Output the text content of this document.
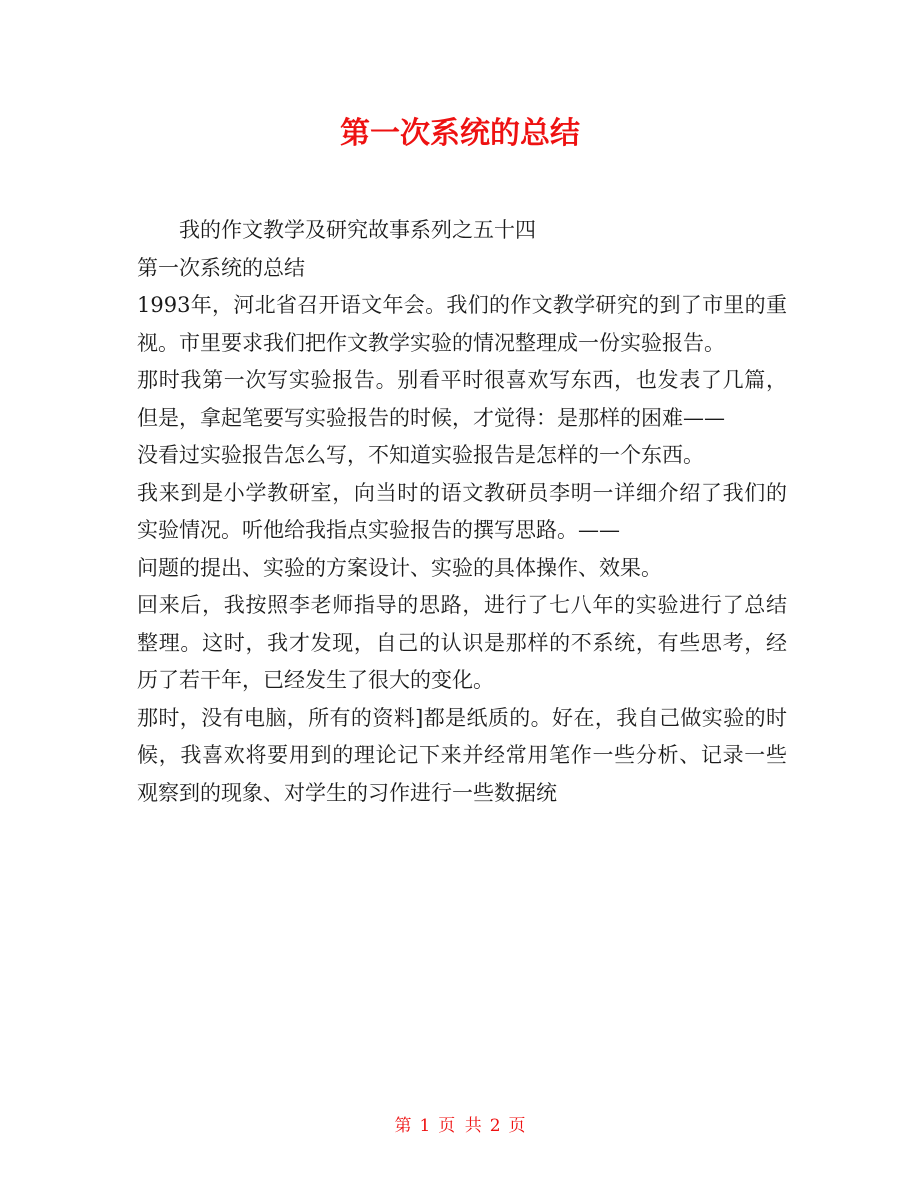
第一次系统的总结

我的作文教学及研究故事系列之五十四

第一次系统的总结

1993年，河北省召开语文年会。我们的作文教学研究的到了市里的重视。市里要求我们把作文教学实验的情况整理成一份实验报告。

那时我第一次写实验报告。别看平时很喜欢写东西，也发表了几篇，但是，拿起笔要写实验报告的时候，才觉得：是那样的困难——

没看过实验报告怎么写，不知道实验报告是怎样的一个东西。

我来到是小学教研室，向当时的语文教研员李明一详细介绍了我们的实验情况。听他给我指点实验报告的撰写思路。——

问题的提出、实验的方案设计、实验的具体操作、效果。

回来后，我按照李老师指导的思路，进行了七八年的实验进行了总结整理。这时，我才发现，自己的认识是那样的不系统，有些思考，经历了若干年，已经发生了很大的变化。

那时，没有电脑，所有的资料]都是纸质的。好在，我自己做实验的时候，我喜欢将要用到的理论记下来并经常用笔作一些分析、记录一些观察到的现象、对学生的习作进行一些数据统

第 1 页 共 2 页
